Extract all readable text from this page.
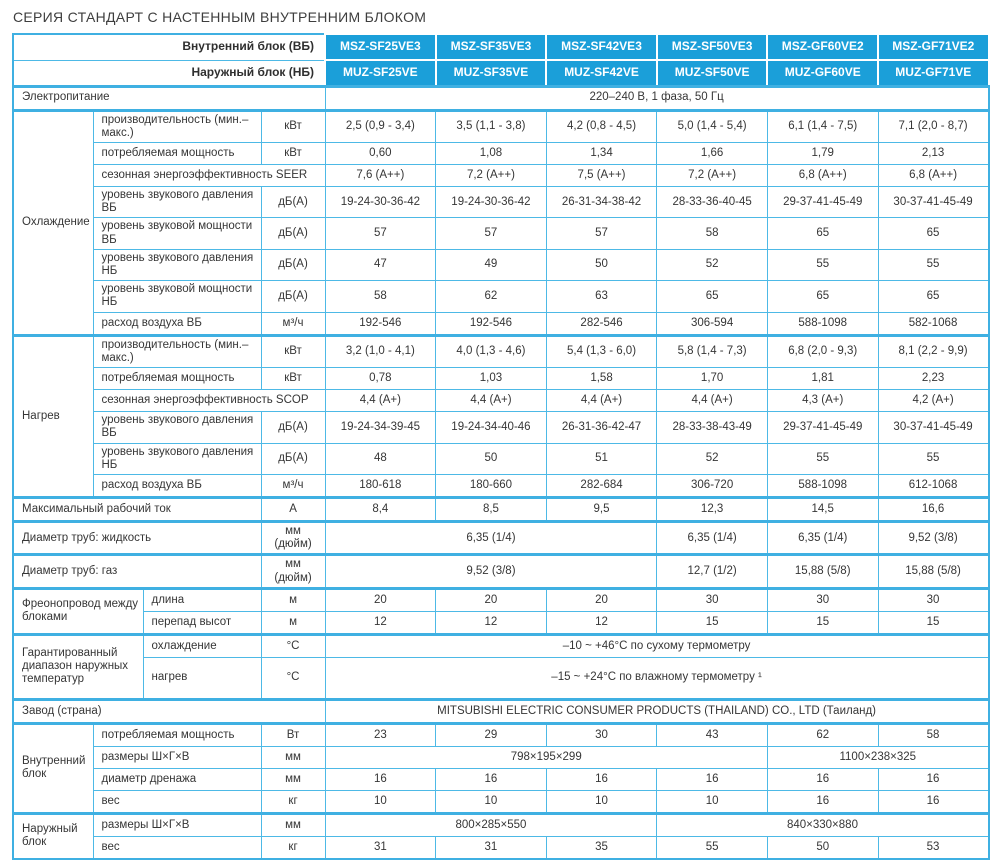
СЕРИЯ СТАНДАРТ С НАСТЕННЫМ ВНУТРЕННИМ БЛОКОМ
Внутренний блок (ВБ)				MSZ-SF25VE3	MSZ-SF35VE3	MSZ-SF42VE3	MSZ-SF50VE3	MSZ-GF60VE2	MSZ-GF71VE2
Наружный блок (НБ)				MUZ-SF25VE	MUZ-SF35VE	MUZ-SF42VE	MUZ-SF50VE	MUZ-GF60VE	MUZ-GF71VE
Электропитание				220–240 В, 1 фаза, 50 Гц					
Охлаждение	производительность (мин.–макс.)		кВт	2,5 (0,9 - 3,4)	3,5 (1,1 - 3,8)	4,2 (0,8 - 4,5)	5,0 (1,4 - 5,4)	6,1 (1,4 - 7,5)	7,1 (2,0 - 8,7)
	потребляемая мощность		кВт	0,60	1,08	1,34	1,66	1,79	2,13
	сезонная энергоэффективность SEER			7,6 (A++)	7,2 (A++)	7,5 (A++)	7,2 (A++)	6,8 (A++)	6,8 (A++)
	уровень звукового давления ВБ		дБ(А)	19-24-30-36-42	19-24-30-36-42	26-31-34-38-42	28-33-36-40-45	29-37-41-45-49	30-37-41-45-49
	уровень звуковой мощности ВБ		дБ(А)	57	57	57	58	65	65
	уровень звукового давления НБ		дБ(А)	47	49	50	52	55	55
	уровень звуковой мощности НБ		дБ(А)	58	62	63	65	65	65
	расход воздуха ВБ		м³/ч	192-546	192-546	282-546	306-594	588-1098	582-1068
Нагрев	производительность (мин.–макс.)		кВт	3,2 (1,0 - 4,1)	4,0 (1,3 - 4,6)	5,4 (1,3 - 6,0)	5,8 (1,4 - 7,3)	6,8 (2,0 - 9,3)	8,1 (2,2 - 9,9)
	потребляемая мощность		кВт	0,78	1,03	1,58	1,70	1,81	2,23
	сезонная энергоэффективность SCOP			4,4 (A+)	4,4 (A+)	4,4 (A+)	4,4 (A+)	4,3 (A+)	4,2 (A+)
	уровень звукового давления ВБ		дБ(А)	19-24-34-39-45	19-24-34-40-46	26-31-36-42-47	28-33-38-43-49	29-37-41-45-49	30-37-41-45-49
	уровень звукового давления НБ		дБ(А)	48	50	51	52	55	55
	расход воздуха ВБ		м³/ч	180-618	180-660	282-684	306-720	588-1098	612-1068
Максимальный рабочий ток			А	8,4	8,5	9,5	12,3	14,5	16,6
Диаметр труб: жидкость			мм (дюйм)	6,35 (1/4)			6,35 (1/4)	6,35 (1/4)	9,52 (3/8)
Диаметр труб: газ			мм (дюйм)	9,52 (3/8)			12,7 (1/2)	15,88 (5/8)	15,88 (5/8)
Фреонопровод между блоками		длина	м	20	20	20	30	30	30
		перепад высот	м	12	12	12	15	15	15
Гарантированный диапазон наружных температур		охлаждение	°С	–10 ~ +46°С по сухому термометру					
		нагрев	°С	–15 ~ +24°С по влажному термометру ¹					
Завод (страна)				MITSUBISHI ELECTRIC CONSUMER PRODUCTS (THAILAND) CO., LTD (Таиланд)					
Внутренний блок	потребляемая мощность		Вт	23	29	30	43	62	58
	размеры Ш×Г×В		мм	798×195×299				1100×238×325	
	диаметр дренажа		мм	16	16	16	16	16	16
	вес		кг	10	10	10	10	16	16
Наружный блок	размеры Ш×Г×В		мм	800×285×550			840×330×880		
	вес		кг	31	31	35	55	50	53
